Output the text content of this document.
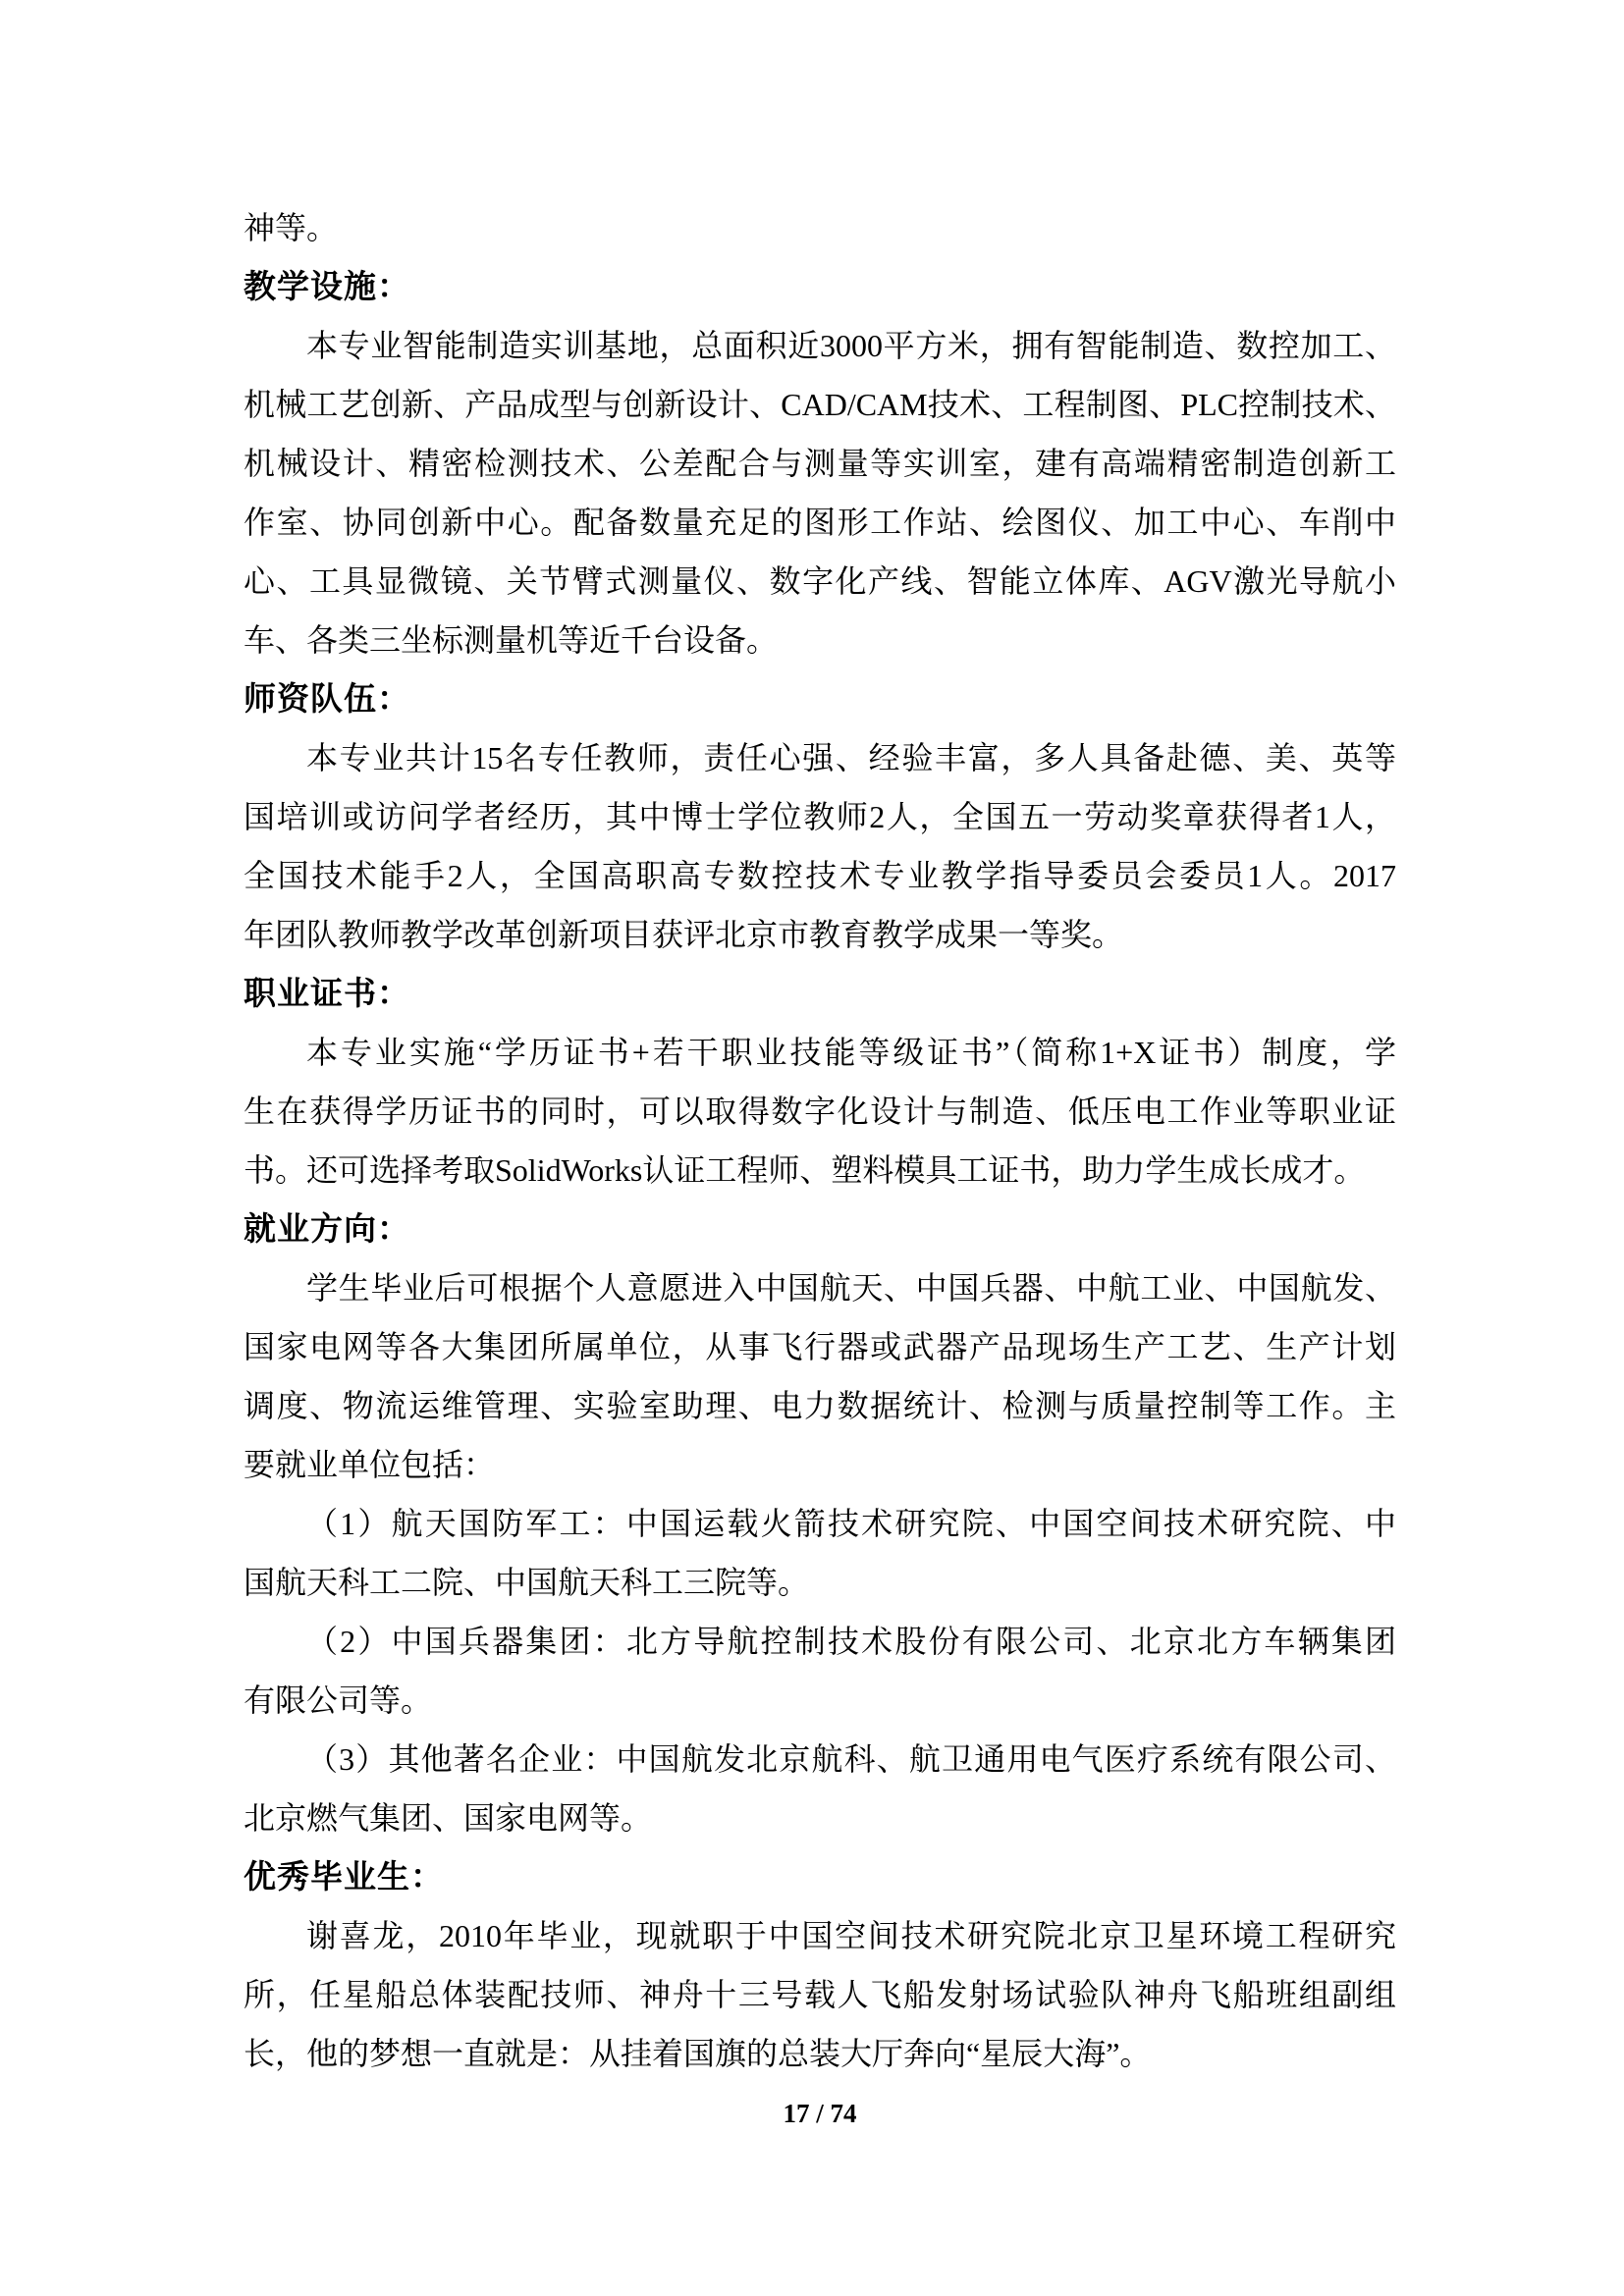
神等。
教学设施：
本专业智能制造实训基地，总面积近3000平方米，拥有智能制造、数控加工、
机械工艺创新、产品成型与创新设计、CAD/CAM技术、工程制图、PLC控制技术、
机械设计、精密检测技术、公差配合与测量等实训室，建有高端精密制造创新工
作室、协同创新中心。配备数量充足的图形工作站、绘图仪、加工中心、车削中
心、工具显微镜、关节臂式测量仪、数字化产线、智能立体库、AGV激光导航小
车、各类三坐标测量机等近千台设备。
师资队伍：
本专业共计15名专任教师，责任心强、经验丰富，多人具备赴德、美、英等
国培训或访问学者经历，其中博士学位教师2人，全国五一劳动奖章获得者1人，
全国技术能手2人，全国高职高专数控技术专业教学指导委员会委员1人。2017
年团队教师教学改革创新项目获评北京市教育教学成果一等奖。
职业证书：
本专业实施“学历证书+若干职业技能等级证书”（简称1+X证书）制度，学
生在获得学历证书的同时，可以取得数字化设计与制造、低压电工作业等职业证
书。还可选择考取SolidWorks认证工程师、塑料模具工证书，助力学生成长成才。
就业方向：
学生毕业后可根据个人意愿进入中国航天、中国兵器、中航工业、中国航发、
国家电网等各大集团所属单位，从事飞行器或武器产品现场生产工艺、生产计划
调度、物流运维管理、实验室助理、电力数据统计、检测与质量控制等工作。主
要就业单位包括：
（1）航天国防军工：中国运载火箭技术研究院、中国空间技术研究院、中
国航天科工二院、中国航天科工三院等。
（2）中国兵器集团：北方导航控制技术股份有限公司、北京北方车辆集团
有限公司等。
（3）其他著名企业：中国航发北京航科、航卫通用电气医疗系统有限公司、
北京燃气集团、国家电网等。
优秀毕业生：
谢喜龙，2010年毕业，现就职于中国空间技术研究院北京卫星环境工程研究
所，任星船总体装配技师、神舟十三号载人飞船发射场试验队神舟飞船班组副组
长，他的梦想一直就是：从挂着国旗的总装大厅奔向“星辰大海”。
17 / 74
